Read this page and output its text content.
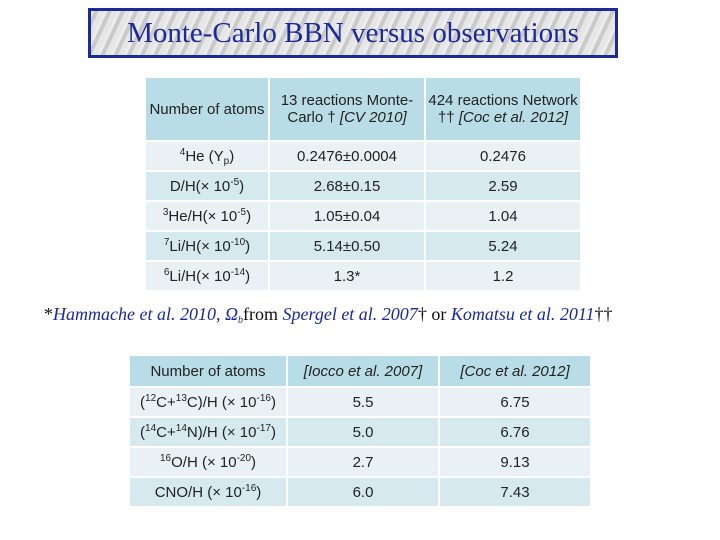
Monte-Carlo BBN versus observations
Number of atoms	13 reactions Monte-Carlo † [CV 2010]	424 reactions Network †† [Coc et al. 2012]
$^4$He $(Y_p)$	0.2476±0.0004	0.2476
$D/H(\times 10^{-5})$	2.68±0.15	2.59
$^3He/H(\times 10^{-5})$	1.05±0.04	1.04
$^7Li/H(\times 10^{-10})$	5.14±0.50	5.24
$^6Li/H(\times 10^{-14})$	1.3*	1.2
*Hammache et al. 2010, $\Omega_bfrom$ Spergel et al. 2007† or Komatsu et al. 2011††
Number of atoms	[Iocco et al. 2007]	[Coc et al. 2012]
($^{12}$C+$^{13}$C)/H (× $10^{-16}$)	5.5	6.75
($^{14}$C+$^{14}$N)/H (× $10^{-17}$)	5.0	6.76
$^{16}$O/H (× $10^{-20}$)	2.7	9.13
CNO/H (× $10^{-16}$)	6.0	7.43
